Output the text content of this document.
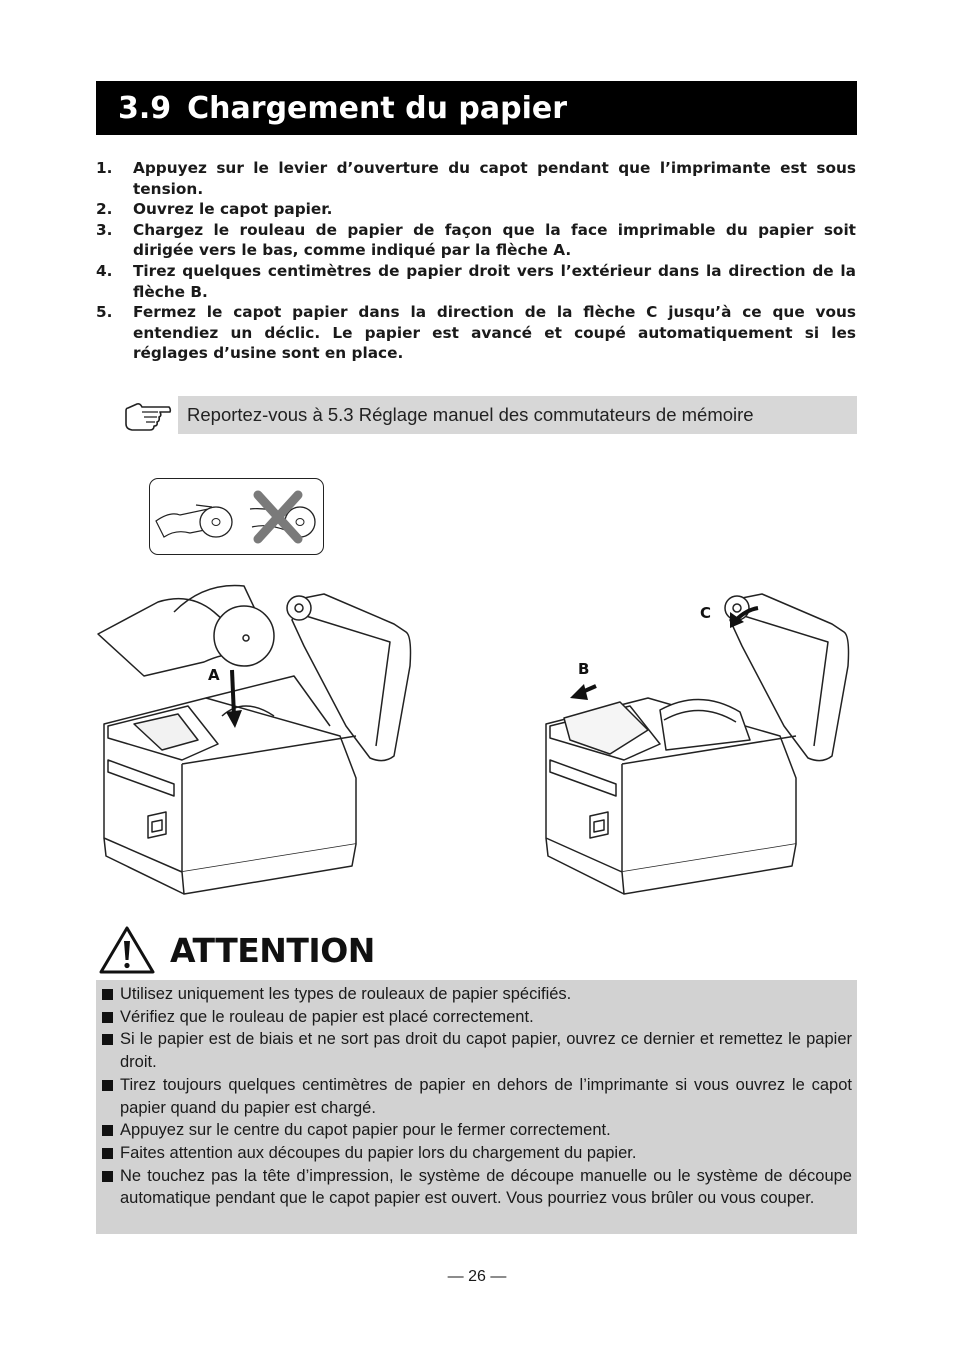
3.9 Chargement du papier
1. Appuyez sur le levier d’ouverture du capot pendant que l’imprimante est sous tension.
2. Ouvrez le capot papier.
3. Chargez le rouleau de papier de façon que la face imprimable du papier soit dirigée vers le bas, comme indiqué par la flèche A.
4. Tirez quelques centimètres de papier droit vers l’extérieur dans la direction de la flèche B.
5. Fermez le capot papier dans la direction de la flèche C jusqu’à ce que vous entendiez un déclic. Le papier est avancé et coupé automatiquement si les réglages d’usine sont en place.
Reportez-vous à 5.3 Réglage manuel des commutateurs de mémoire
A	B
C
ATTENTION
Utilisez uniquement les types de rouleaux de papier spécifiés.
Vérifiez que le rouleau de papier est placé correctement.
Si le papier est de biais et ne sort pas droit du capot papier, ouvrez ce dernier et remettez le papier droit.
Tirez toujours quelques centimètres de papier en dehors de l’imprimante si vous ouvrez le capot papier quand du papier est chargé.
Appuyez sur le centre du capot papier pour le fermer correctement.
Faites attention aux découpes du papier lors du chargement du papier.
Ne touchez pas la tête d’impression, le système de découpe manuelle ou le système de découpe automatique pendant que le capot papier est ouvert. Vous pourriez vous brûler ou vous couper.
— 26 —
